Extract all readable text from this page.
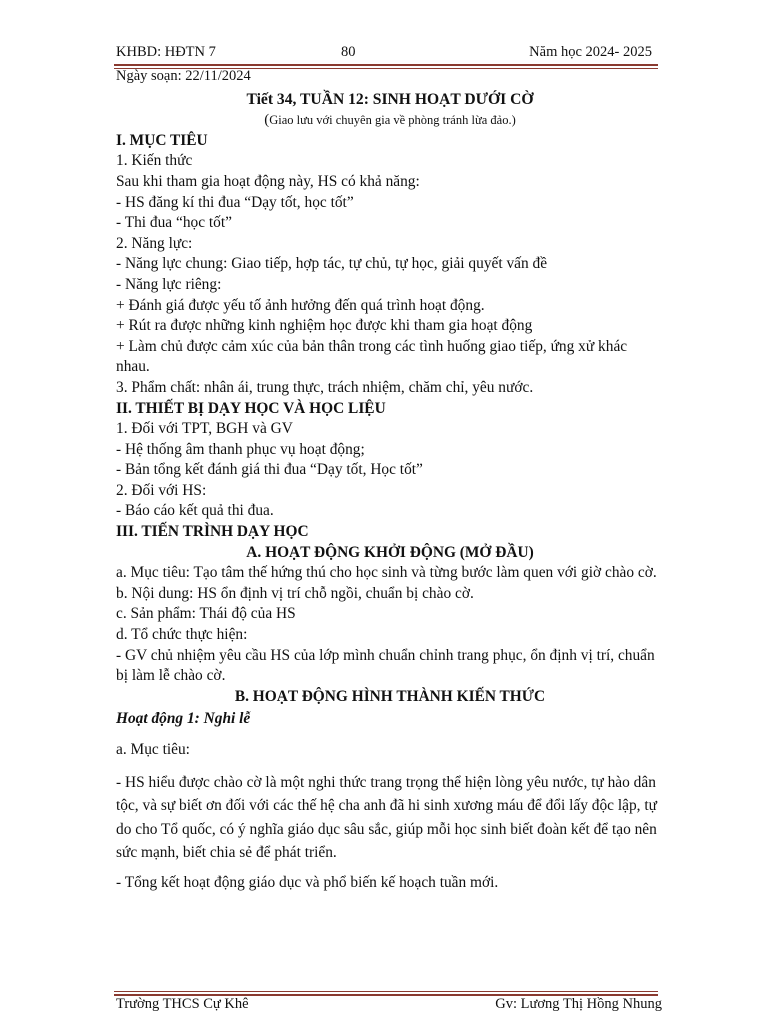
KHBD: HĐTN 7	80	Năm học 2024- 2025

Ngày soạn: 22/11/2024

Tiết 34, TUẦN 12: SINH HOẠT DƯỚI CỜ

(Giao lưu với chuyên gia về phòng tránh lừa đảo.)

I. MỤC TIÊU

1. Kiến thức

Sau khi tham gia hoạt động này, HS có khả năng:

- HS đăng kí thi đua “Dạy tốt, học tốt”

- Thi đua “học tốt”

2. Năng lực:

- Năng lực chung: Giao tiếp, hợp tác, tự chủ, tự học, giải quyết vấn đề

- Năng lực riêng:

+ Đánh giá được yếu tố ảnh hưởng đến quá trình hoạt động.

+ Rút ra được những kinh nghiệm học được khi tham gia hoạt động

+ Làm chủ được cảm xúc của bản thân trong các tình huống giao tiếp, ứng xử khác nhau.

3. Phẩm chất: nhân ái, trung thực, trách nhiệm, chăm chỉ, yêu nước.

II. THIẾT BỊ DẠY HỌC VÀ HỌC LIỆU

1. Đối với TPT, BGH và GV

- Hệ thống âm thanh phục vụ hoạt động;

- Bản tổng kết đánh giá thi đua “Dạy tốt, Học tốt”

2. Đối với HS:

- Báo cáo kết quả thi đua.

III. TIẾN TRÌNH DẠY HỌC

A. HOẠT ĐỘNG KHỞI ĐỘNG (MỞ ĐẦU)

a. Mục tiêu: Tạo tâm thế hứng thú cho học sinh và từng bước làm quen với giờ chào cờ.

b. Nội dung: HS ổn định vị trí chỗ ngồi, chuẩn bị chào cờ.

c. Sản phẩm: Thái độ của HS

d. Tổ chức thực hiện:

- GV chủ nhiệm yêu cầu HS của lớp mình chuẩn chỉnh trang phục, ổn định vị trí, chuẩn bị làm lễ chào cờ.

B. HOẠT ĐỘNG HÌNH THÀNH KIẾN THỨC

Hoạt động 1: Nghi lễ

a. Mục tiêu:

- HS hiểu được chào cờ là một nghi thức trang trọng thể hiện lòng yêu nước, tự hào dân tộc, và sự biết ơn đối với các thế hệ cha anh đã hi sinh xương máu để đổi lấy độc lập, tự do cho Tổ quốc, có ý nghĩa giáo dục sâu sắc, giúp mỗi học sinh biết đoàn kết để tạo nên sức mạnh, biết chia sẻ để phát triển.

- Tổng kết hoạt động giáo dục và phổ biến kế hoạch tuần mới.

Trường THCS Cự Khê	Gv: Lương Thị Hồng Nhung
